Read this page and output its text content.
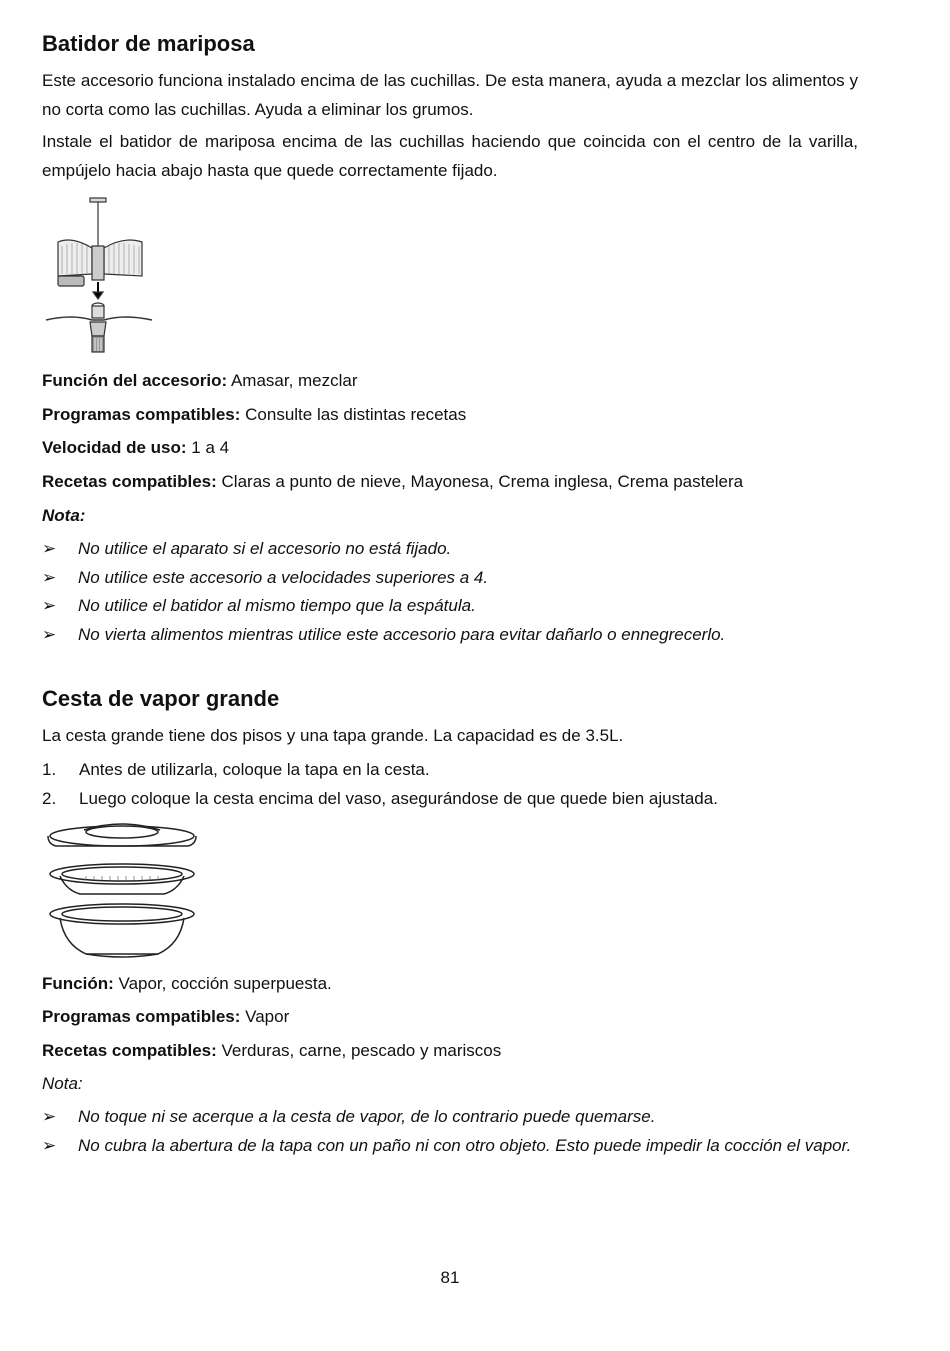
Batidor de mariposa

Este accesorio funciona instalado encima de las cuchillas. De esta manera, ayuda a mezclar los alimentos y no corta como las cuchillas. Ayuda a eliminar los grumos.

Instale el batidor de mariposa encima de las cuchillas haciendo que coincida con el centro de la varilla, empújelo hacia abajo hasta que quede correctamente fijado.

Función del accesorio: Amasar, mezclar
Programas compatibles: Consulte las distintas recetas
Velocidad de uso: 1 a 4
Recetas compatibles: Claras a punto de nieve, Mayonesa, Crema inglesa, Crema pastelera
Nota:
➢ No utilice el aparato si el accesorio no está fijado.
➢ No utilice este accesorio a velocidades superiores a 4.
➢ No utilice el batidor al mismo tiempo que la espátula.
➢ No vierta alimentos mientras utilice este accesorio para evitar dañarlo o ennegrecerlo.
Cesta de vapor grande

La cesta grande tiene dos pisos y una tapa grande. La capacidad es de 3.5L.

1. Antes de utilizarla, coloque la tapa en la cesta.
2. Luego coloque la cesta encima del vaso, asegurándose de que quede bien ajustada.
Función: Vapor, cocción superpuesta.
Programas compatibles: Vapor
Recetas compatibles: Verduras, carne, pescado y mariscos
Nota:
➢ No toque ni se acerque a la cesta de vapor, de lo contrario puede quemarse.
➢ No cubra la abertura de la tapa con un paño ni con otro objeto. Esto puede impedir la cocción el vapor.
81
